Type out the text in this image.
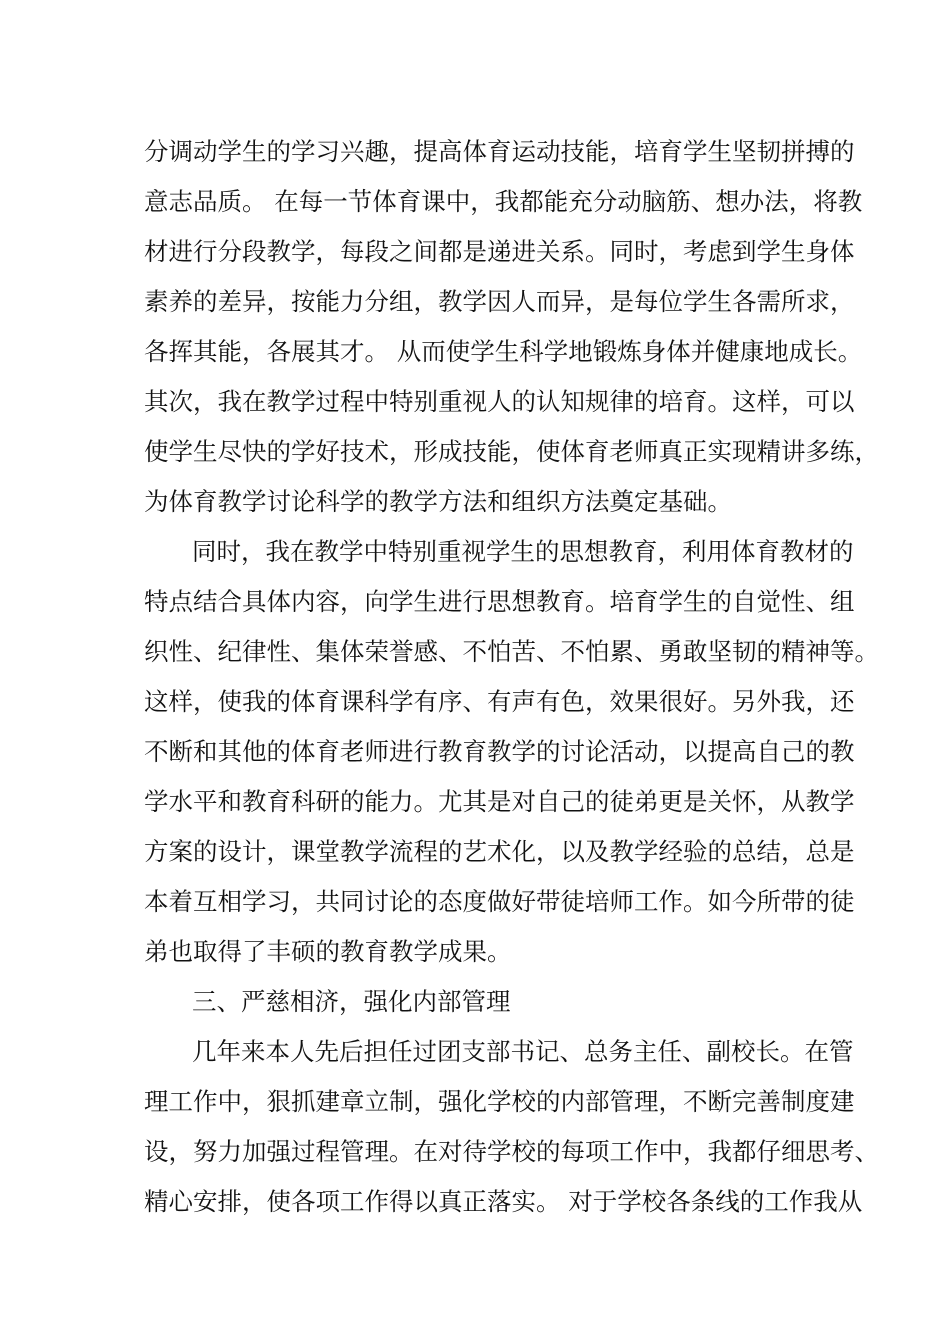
分调动学生的学习兴趣，提高体育运动技能，培育学生坚韧拼搏的
意志品质。 在每一节体育课中，我都能充分动脑筋、想办法，将教
材进行分段教学，每段之间都是递进关系。同时，考虑到学生身体
素养的差异，按能力分组，教学因人而异，是每位学生各需所求，
各挥其能，各展其才。 从而使学生科学地锻炼身体并健康地成长。
其次，我在教学过程中特别重视人的认知规律的培育。这样，可以
使学生尽快的学好技术，形成技能，使体育老师真正实现精讲多练，
为体育教学讨论科学的教学方法和组织方法奠定基础。
同时，我在教学中特别重视学生的思想教育，利用体育教材的
特点结合具体内容，向学生进行思想教育。培育学生的自觉性、组
织性、纪律性、集体荣誉感、不怕苦、不怕累、勇敢坚韧的精神等。
这样，使我的体育课科学有序、有声有色，效果很好。另外我，还
不断和其他的体育老师进行教育教学的讨论活动，以提高自己的教
学水平和教育科研的能力。尤其是对自己的徒弟更是关怀，从教学
方案的设计，课堂教学流程的艺术化，以及教学经验的总结，总是
本着互相学习，共同讨论的态度做好带徒培师工作。如今所带的徒
弟也取得了丰硕的教育教学成果。
三、严慈相济，强化内部管理
几年来本人先后担任过团支部书记、总务主任、副校长。在管
理工作中，狠抓建章立制，强化学校的内部管理，不断完善制度建
设，努力加强过程管理。在对待学校的每项工作中，我都仔细思考、
精心安排，使各项工作得以真正落实。 对于学校各条线的工作我从
